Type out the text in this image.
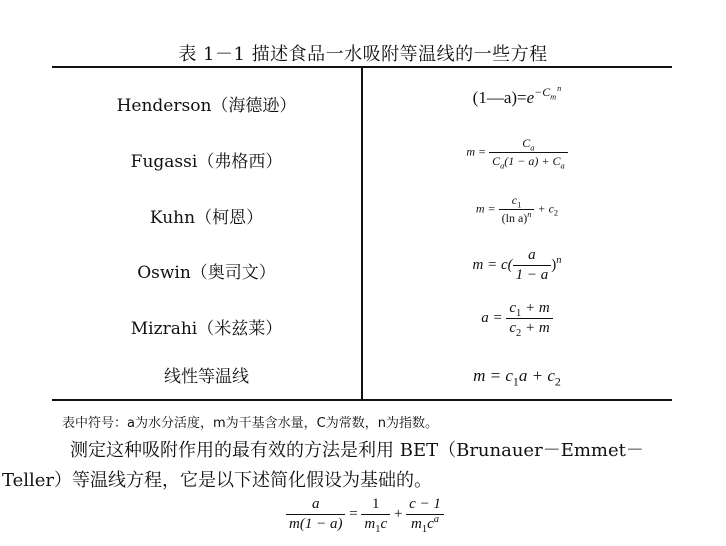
表 1－1 描述食品一水吸附等温线的一些方程
Henderson（海德逊）
Fugassi（弗格西）
Kuhn（柯恩）
Oswin（奥司文）
Mizrahi（米兹莱）
线性等温线
$(1—a)=e^{-C_m ^n}$
$m = \frac{C_a}{C_a(1 - a) + C_a}$
$m = \frac{c_1}{(\ln a)^n} + c_2$
$m = c( \frac{a}{1 - a} )^n$
$a = \frac{c_1 + m}{c_2 + m}$
$m = c_1a + c_2$
表中符号：a为水分活度，m为干基含水量，C为常数，n为指数。
测定这种吸附作用的最有效的方法是利用 BET（Brunauer－Emmet－
Teller）等温线方程，它是以下述简化假设为基础的。
$\frac{a}{m(1 - a)} = \frac{1}{m_1c} + \frac{c - 1}{m_1c^a}$
